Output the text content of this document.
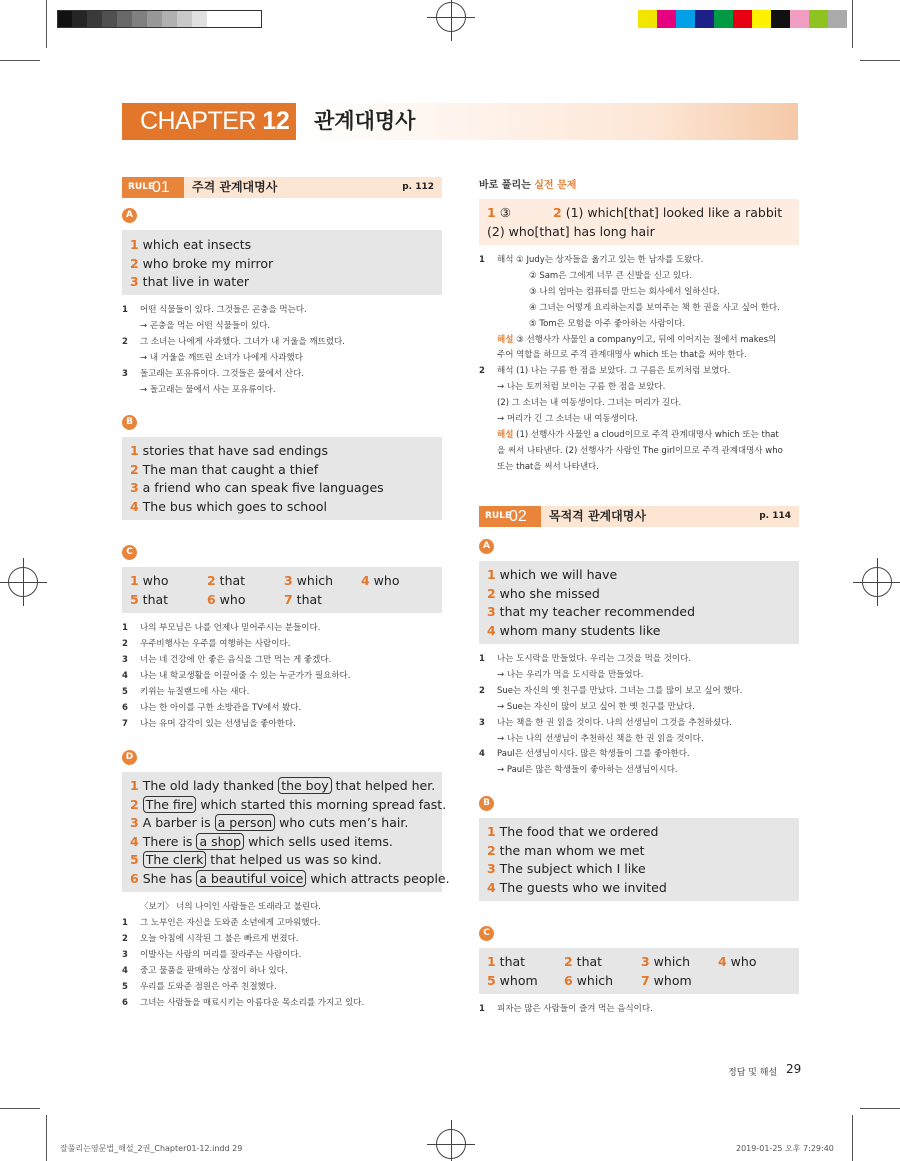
CHAPTER 12	관계대명사
RULE
01 주격 관계대명사	p. 112
A
1 which eat insects
2 who broke my mirror
3 that live in water
1 어떤 식물들이 있다. 그것들은 곤충을 먹는다.
→ 곤충을 먹는 어떤 식물들이 있다.
2 그 소녀는 나에게 사과했다. 그녀가 내 거울을 깨뜨렸다.
→ 내 거울을 깨뜨린 소녀가 나에게 사과했다
3 돌고래는 포유류이다. 그것들은 물에서 산다.
→ 돌고래는 물에서 사는 포유류이다.
B
1 stories that have sad endings
2 The man that caught a thief
3 a friend who can speak five languages
4 The bus which goes to school
C
1 who	2 that	3 which 4 who
5 that	6 who	7 that
1 나의 부모님은 나를 언제나 믿어주시는 분들이다.
2 우주비행사는 우주를 여행하는 사람이다.
3 너는 네 건강에 안 좋은 음식을 그만 먹는 게 좋겠다.
4 나는 내 학교생활을 이끌어줄 수 있는 누군가가 필요하다.
5 키위는 뉴질랜드에 사는 새다.
6 나는 한 아이를 구한 소방관을 TV에서 봤다.
7 나는 유머 감각이 있는 선생님을 좋아한다.
D
1 The old lady thanked the boy that helped her.
2 The fire which started this morning spread fast.
3 A barber is a person who cuts men’s hair.
4 There is a shop which sells used items.
5 The clerk that helped us was so kind.
6 She has a beautiful voice which attracts people.
〈보기〉 너의 나이인 사람들은 또래라고 불린다.
1 그 노부인은 자신을 도와준 소년에게 고마워했다.
2 오늘 아침에 시작된 그 불은 빠르게 번졌다.
3 이발사는 사람의 머리를 잘라주는 사람이다.
4 중고 물품을 판매하는 상점이 하나 있다.
5 우리를 도와준 점원은 아주 친절했다.
6 그녀는 사람들을 매료시키는 아름다운 목소리를 가지고 있다.
바로 풀리는 실전 문제
1 ③	2 (1) which[that] looked like a rabbit
(2) who[that] has long hair
1 해석 ① Judy는 상자들을 옮기고 있는 한 남자를 도왔다.
② Sam은 그에게 너무 큰 신발을 신고 있다.
③ 나의 엄마는 컴퓨터를 만드는 회사에서 일하신다.
④ 그녀는 어떻게 요리하는지를 보여주는 책 한 권을 사고 싶어 한다.
⑤ Tom은 모험을 아주 좋아하는 사람이다.
해설 ③ 선행사가 사물인 a company이고, 뒤에 이어지는 절에서 makes의
주어 역할을 하므로 주격 관계대명사 which 또는 that을 써야 한다.
2 해석 (1) 나는 구름 한 점을 보았다. 그 구름은 토끼처럼 보였다.
→ 나는 토끼처럼 보이는 구름 한 점을 보았다.
(2) 그 소녀는 내 여동생이다. 그녀는 머리가 길다.
→ 머리가 긴 그 소녀는 내 여동생이다.
해설 (1) 선행사가 사물인 a cloud이므로 주격 관계대명사 which 또는 that
을 써서 나타낸다. (2) 선행사가 사람인 The girl이므로 주격 관계대명사 who
또는 that을 써서 나타낸다.
RULE
02 목적격 관계대명사	p. 114
A
1 which we will have
2 who she missed
3 that my teacher recommended
4 whom many students like
1 나는 도시락을 만들었다. 우리는 그것을 먹을 것이다.
→ 나는 우리가 먹을 도시락을 만들었다.
2 Sue는 자신의 옛 친구를 만났다. 그녀는 그를 많이 보고 싶어 했다.
→ Sue는 자신이 많이 보고 싶어 한 옛 친구를 만났다.
3 나는 책을 한 권 읽을 것이다. 나의 선생님이 그것을 추천하셨다.
→ 나는 나의 선생님이 추천하신 책을 한 권 읽을 것이다.
4 Paul은 선생님이시다. 많은 학생들이 그를 좋아한다.
→ Paul은 많은 학생들이 좋아하는 선생님이시다.
B
1 The food that we ordered
2 the man whom we met
3 The subject which I like
4 The guests who we invited
C
1 that	2 that	3 which 4 who
5 whom 6 which 7 whom
1 피자는 많은 사람들이 즐겨 먹는 음식이다.
정답 및 해설 29
잘풀리는영문법_해설_2권_Chapter01-12.indd 29	2019-01-25 오후 7:29:40
